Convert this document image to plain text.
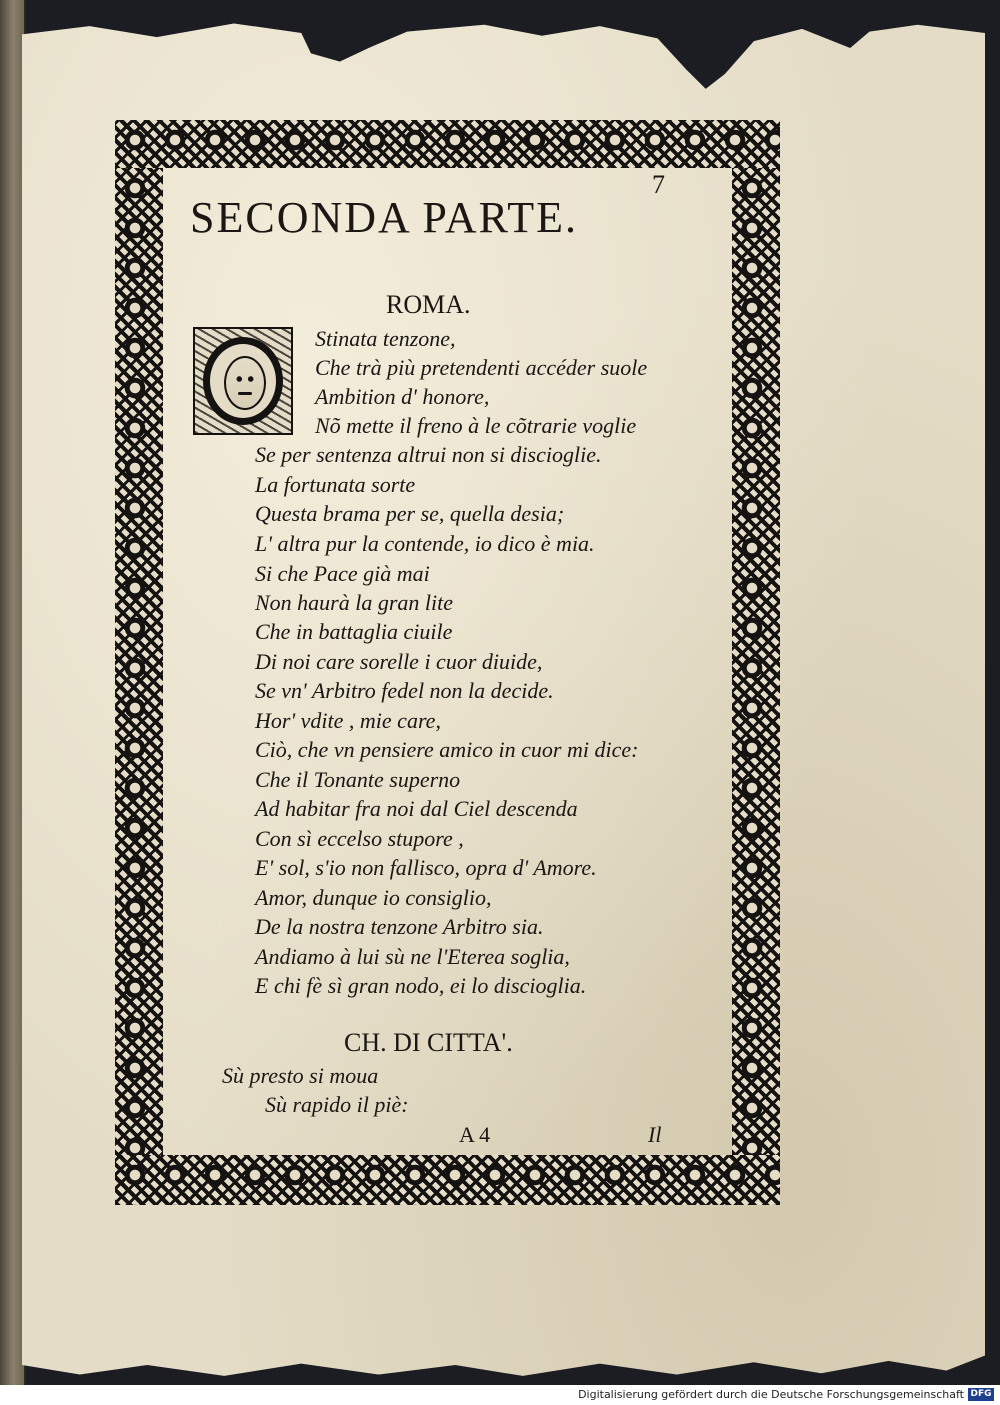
7
SECONDA PARTE.
ROMA.
Stinata tenzone,
Che trà più pretendenti accéder suole
Ambition d' honore,
Nõ mette il freno à le cõtrarie voglie
Se per sentenza altrui non si discioglie.
La fortunata sorte
Questa brama per se, quella desia;
L' altra pur la contende, io dico è mia.
Si che Pace già mai
Non haurà la gran lite
Che in battaglia ciuile
Di noi care sorelle i cuor diuide,
Se vn' Arbitro fedel non la decide.
Hor' vdite , mie care,
Ciò, che vn pensiere amico in cuor mi dice:
Che il Tonante superno
Ad habitar fra noi dal Ciel descenda
Con sì eccelso stupore ,
E' sol, s'io non fallisco, opra d' Amore.
Amor, dunque io consiglio,
De la nostra tenzone Arbitro sia.
Andiamo à lui sù ne l'Eterea soglia,
E chi fè sì gran nodo, ei lo discioglia.
CH. DI CITTA'.
Sù presto si moua
Sù rapido il piè:
A 4	Il
Digitalisierung gefördert durch die Deutsche Forschungsgemeinschaft DFG
